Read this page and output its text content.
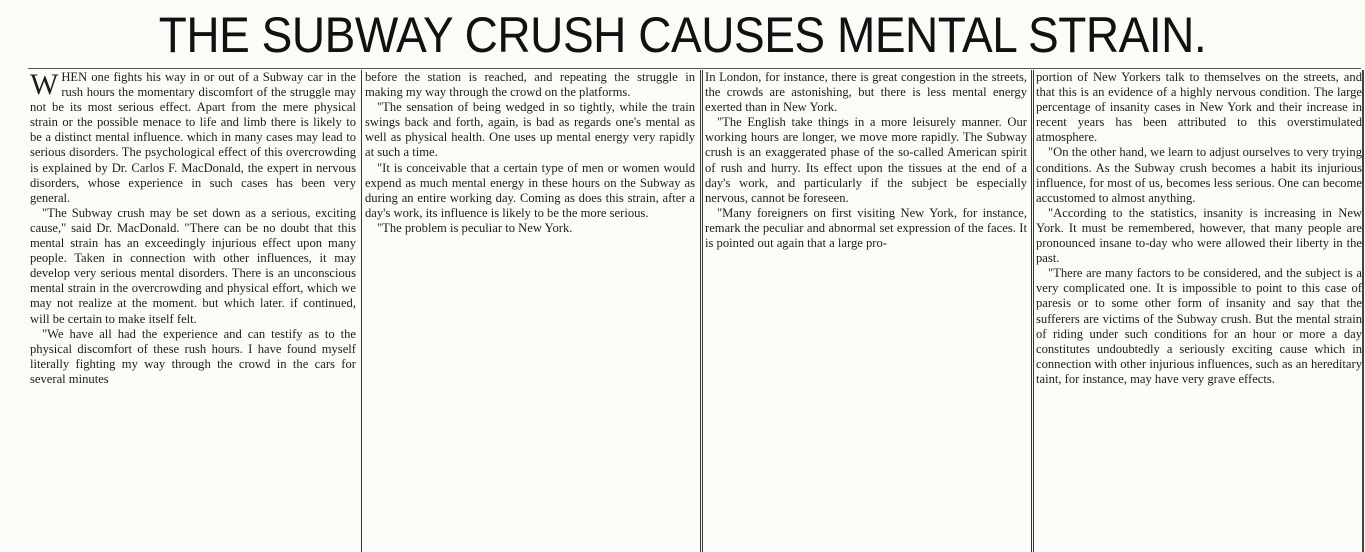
THE SUBWAY CRUSH CAUSES MENTAL STRAIN.

WHEN one fights his way in or out of a Subway car in the rush hours the momentary discomfort of the struggle may not be its most serious effect. Apart from the mere physical strain or the possible menace to life and limb there is likely to be a distinct mental influence. which in many cases may lead to serious disorders. The psychological effect of this overcrowding is explained by Dr. Carlos F. MacDonald, the expert in nervous disorders, whose experience in such cases has been very general.

"The Subway crush may be set down as a serious, exciting cause," said Dr. MacDonald. "There can be no doubt that this mental strain has an exceedingly injurious effect upon many people. Taken in connection with other influences, it may develop very serious mental disorders. There is an unconscious mental strain in the overcrowding and physical effort, which we may not realize at the moment. but which later. if continued, will be certain to make itself felt.

"We have all had the experience and can testify as to the physical discomfort of these rush hours. I have found myself literally fighting my way through the crowd in the cars for several minutes

before the station is reached, and repeating the struggle in making my way through the crowd on the platforms.

"The sensation of being wedged in so tightly, while the train swings back and forth, again, is bad as regards one's mental as well as physical health. One uses up mental energy very rapidly at such a time.

"It is conceivable that a certain type of men or women would expend as much mental energy in these hours on the Subway as during an entire working day. Coming as does this strain, after a day's work, its influence is likely to be the more serious.

"The problem is peculiar to New York.

In London, for instance, there is great congestion in the streets, the crowds are astonishing, but there is less mental energy exerted than in New York.

"The English take things in a more leisurely manner. Our working hours are longer, we move more rapidly. The Subway crush is an exaggerated phase of the so-called American spirit of rush and hurry. Its effect upon the tissues at the end of a day's work, and particularly if the subject be especially nervous, cannot be foreseen.

"Many foreigners on first visiting New York, for instance, remark the peculiar and abnormal set expression of the faces. It is pointed out again that a large pro-

portion of New Yorkers talk to themselves on the streets, and that this is an evidence of a highly nervous condition. The large percentage of insanity cases in New York and their increase in recent years has been attributed to this overstimulated atmosphere.

"On the other hand, we learn to adjust ourselves to very trying conditions. As the Subway crush becomes a habit its injurious influence, for most of us, becomes less serious. One can become accustomed to almost anything.

"According to the statistics, insanity is increasing in New York. It must be remembered, however, that many people are pronounced insane to-day who were allowed their liberty in the past.

"There are many factors to be considered, and the subject is a very complicated one. It is impossible to point to this case of paresis or to some other form of insanity and say that the sufferers are victims of the Subway crush. But the mental strain of riding under such conditions for an hour or more a day constitutes undoubtedly a seriously exciting cause which in connection with other injurious influences, such as an hereditary taint, for instance, may have very grave effects.
